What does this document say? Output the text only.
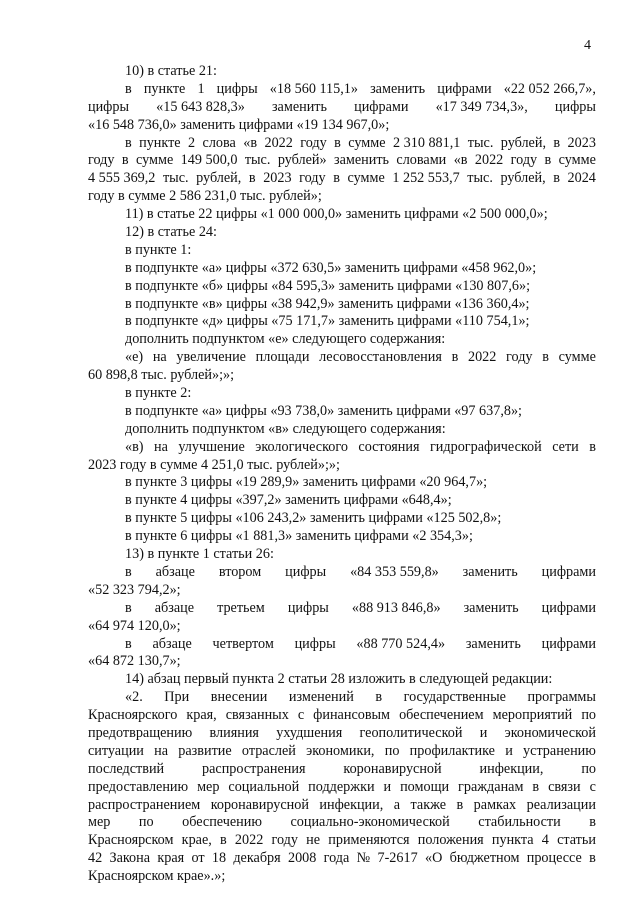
4
10) в статье 21:
в пункте 1 цифры «18 560 115,1» заменить цифрами «22 052 266,7»,
цифры «15 643 828,3» заменить цифрами «17 349 734,3», цифры
«16 548 736,0» заменить цифрами «19 134 967,0»;
в пункте 2 слова «в 2022 году в сумме 2 310 881,1 тыс. рублей, в 2023
году в сумме 149 500,0 тыс. рублей» заменить словами «в 2022 году в сумме
4 555 369,2 тыс. рублей, в 2023 году в сумме 1 252 553,7 тыс. рублей, в 2024
году в сумме 2 586 231,0 тыс. рублей»;
11) в статье 22 цифры «1 000 000,0» заменить цифрами «2 500 000,0»;
12) в статье 24:
в пункте 1:
в подпункте «а» цифры «372 630,5» заменить цифрами «458 962,0»;
в подпункте «б» цифры «84 595,3» заменить цифрами «130 807,6»;
в подпункте «в» цифры «38 942,9» заменить цифрами «136 360,4»;
в подпункте «д» цифры «75 171,7» заменить цифрами «110 754,1»;
дополнить подпунктом «е» следующего содержания:
«е) на увеличение площади лесовосстановления в 2022 году в сумме
60 898,8 тыс. рублей»;»;
в пункте 2:
в подпункте «а» цифры «93 738,0» заменить цифрами «97 637,8»;
дополнить подпунктом «в» следующего содержания:
«в) на улучшение экологического состояния гидрографической сети в
2023 году в сумме 4 251,0 тыс. рублей»;»;
в пункте 3 цифры «19 289,9» заменить цифрами «20 964,7»;
в пункте 4 цифры «397,2» заменить цифрами «648,4»;
в пункте 5 цифры «106 243,2» заменить цифрами «125 502,8»;
в пункте 6 цифры «1 881,3» заменить цифрами «2 354,3»;
13) в пункте 1 статьи 26:
в абзаце втором цифры «84 353 559,8» заменить цифрами
«52 323 794,2»;
в абзаце третьем цифры «88 913 846,8» заменить цифрами
«64 974 120,0»;
в абзаце четвертом цифры «88 770 524,4» заменить цифрами
«64 872 130,7»;
14) абзац первый пункта 2 статьи 28 изложить в следующей редакции:
«2. При внесении изменений в государственные программы
Красноярского края, связанных с финансовым обеспечением мероприятий по
предотвращению влияния ухудшения геополитической и экономической
ситуации на развитие отраслей экономики, по профилактике и устранению
последствий	распространения	коронавирусной	инфекции,	по
предоставлению мер социальной поддержки и помощи гражданам в связи с
распространением коронавирусной инфекции, а также в рамках реализации
мер по обеспечению социально-экономической стабильности в
Красноярском крае, в 2022 году не применяются положения пункта 4 статьи
42 Закона края от 18 декабря 2008 года № 7-2617 «О бюджетном процессе в
Красноярском крае».»;
